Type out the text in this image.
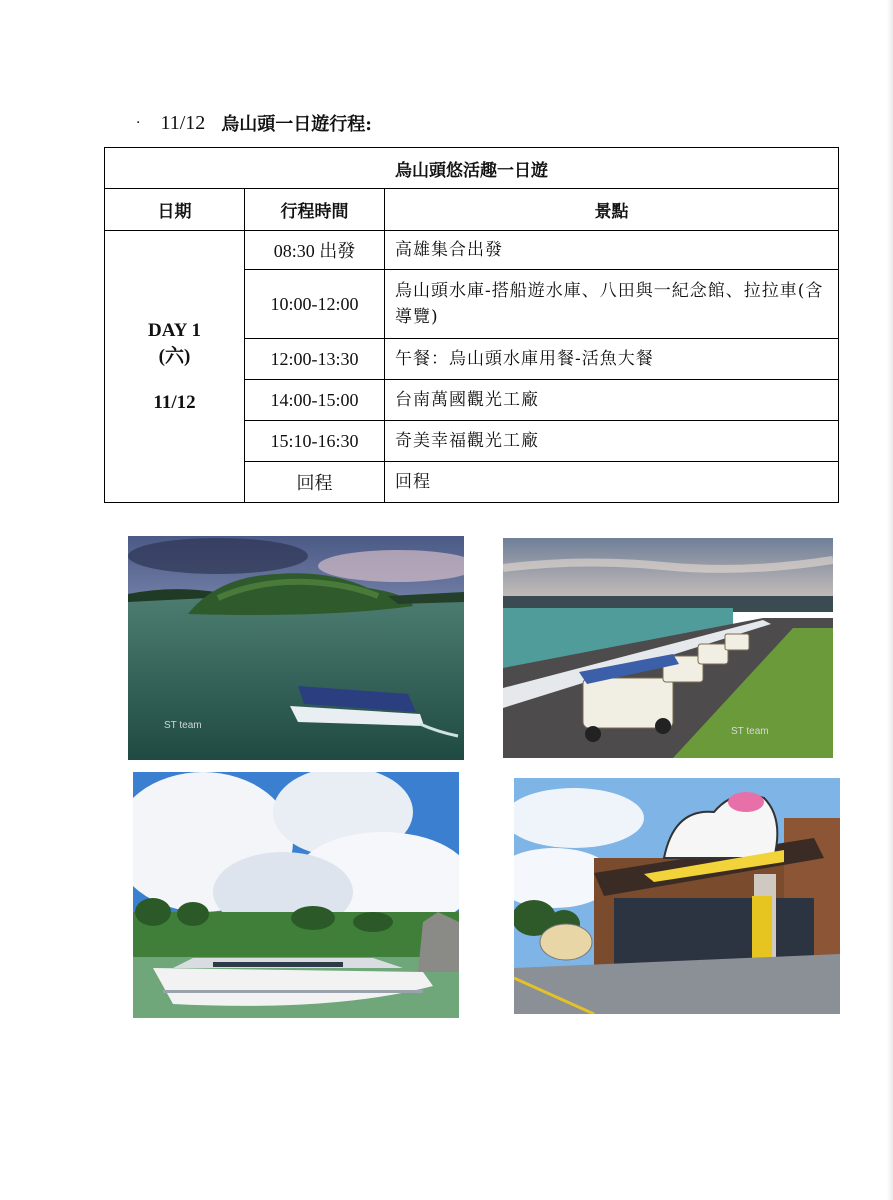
· 11/12 烏山頭一日遊行程:
烏山頭悠活趣一日遊		
日期	行程時間	景點

DAY 1
(六)
11/12	08:30 出發	高雄集合出發
	10:00-12:00	烏山頭水庫-搭船遊水庫、八田與一紀念館、拉拉車(含導覽)
	12:00-13:30	午餐：烏山頭水庫用餐-活魚大餐
	14:00-15:00	台南萬國觀光工廠
	15:10-16:30	奇美幸福觀光工廠
	回程	回程
ST team
ST team
